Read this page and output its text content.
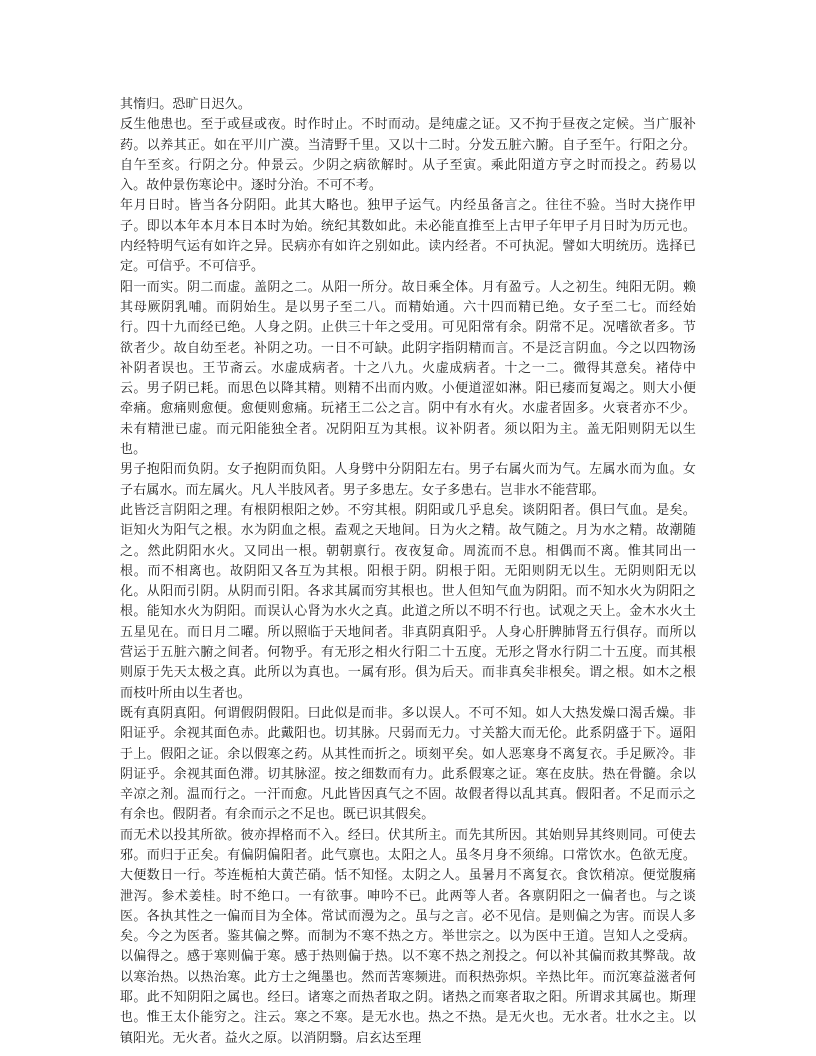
其惰归。恐旷日迟久。

反生他患也。至于或昼或夜。时作时止。不时而动。是纯虚之证。又不拘于昼夜之定候。当广服补药。以养其正。如在平川广漠。当清野千里。又以十二时。分发五脏六腑。自子至午。行阳之分。自午至亥。行阴之分。仲景云。少阴之病欲解时。从子至寅。乘此阳道方亨之时而投之。药易以入。故仲景伤寒论中。逐时分治。不可不考。

年月日时。皆当各分阴阳。此其大略也。独甲子运气。内经虽备言之。往往不验。当时大挠作甲子。即以本年本月本日本时为始。统纪其数如此。未必能直推至上古甲子年甲子月日时为历元也。内经特明气运有如许之异。民病亦有如许之别如此。读内经者。不可执泥。譬如大明统历。选择已定。可信乎。不可信乎。

阳一而实。阴二而虚。盖阴之二。从阳一所分。故日乘全体。月有盈亏。人之初生。纯阳无阴。赖其母厥阴乳哺。而阴始生。是以男子至二八。而精始通。六十四而精已绝。女子至二七。而经始行。四十九而经已绝。人身之阴。止供三十年之受用。可见阳常有余。阴常不足。况嗜欲者多。节欲者少。故自幼至老。补阴之功。一日不可缺。此阴字指阴精而言。不是泛言阴血。今之以四物汤补阴者误也。王节斋云。水虚成病者。十之八九。火虚成病者。十之一二。微得其意矣。褚侍中云。男子阴已耗。而思色以降其精。则精不出而内败。小便道涩如淋。阳已痿而复竭之。则大小便牵痛。愈痛则愈便。愈便则愈痛。玩褚王二公之言。阴中有水有火。水虚者固多。火衰者亦不少。未有精泄已虚。而元阳能独全者。况阴阳互为其根。议补阴者。须以阳为主。盖无阳则阴无以生也。

男子抱阳而负阴。女子抱阴而负阳。人身劈中分阴阳左右。男子右属火而为气。左属水而为血。女子右属水。而左属火。凡人半肢风者。男子多患左。女子多患右。岂非水不能营耶。

此皆泛言阴阳之理。有根阴根阳之妙。不穷其根。阴阳或几乎息矣。谈阴阳者。俱曰气血。是矣。讵知火为阳气之根。水为阴血之根。盍观之天地间。日为火之精。故气随之。月为水之精。故潮随之。然此阴阳水火。又同出一根。朝朝禀行。夜夜复命。周流而不息。相偶而不离。惟其同出一根。而不相离也。故阴阳又各互为其根。阳根于阴。阴根于阳。无阳则阴无以生。无阴则阳无以化。从阳而引阴。从阴而引阳。各求其属而穷其根也。世人但知气血为阴阳。而不知水火为阴阳之根。能知水火为阴阳。而误认心肾为水火之真。此道之所以不明不行也。试观之天上。金木水火土五星见在。而日月二曜。所以照临于天地间者。非真阴真阳乎。人身心肝脾肺肾五行俱存。而所以营运于五脏六腑之间者。何物乎。有无形之相火行阳二十五度。无形之肾水行阴二十五度。而其根则原于先天太极之真。此所以为真也。一属有形。俱为后天。而非真矣非根矣。谓之根。如木之根而枝叶所由以生者也。

既有真阴真阳。何谓假阴假阳。曰此似是而非。多以误人。不可不知。如人大热发燥口渴舌燥。非阳证乎。余视其面色赤。此戴阳也。切其脉。尺弱而无力。寸关豁大而无伦。此系阴盛于下。逼阳于上。假阳之证。余以假寒之药。从其性而折之。顷刻平矣。如人恶寒身不离复衣。手足厥冷。非阴证乎。余视其面色滞。切其脉涩。按之细数而有力。此系假寒之证。寒在皮肤。热在骨髓。余以辛凉之剂。温而行之。一汗而愈。凡此皆因真气之不固。故假者得以乱其真。假阳者。不足而示之有余也。假阴者。有余而示之不足也。既已识其假矣。

而无术以投其所欲。彼亦捍格而不入。经曰。伏其所主。而先其所因。其始则异其终则同。可使去邪。而归于正矣。有偏阴偏阳者。此气禀也。太阳之人。虽冬月身不须绵。口常饮水。色欲无度。大便数日一行。芩连栀柏大黄芒硝。恬不知怪。太阴之人。虽暑月不离复衣。食饮稍凉。便觉腹痛泄泻。参术姜桂。时不绝口。一有欲事。呻吟不已。此两等人者。各禀阴阳之一偏者也。与之谈医。各执其性之一偏而目为全体。常试而漫为之。虽与之言。必不见信。是则偏之为害。而误人多矣。今之为医者。鉴其偏之弊。而制为不寒不热之方。举世宗之。以为医中王道。岂知人之受病。以偏得之。感于寒则偏于寒。感于热则偏于热。以不寒不热之剂投之。何以补其偏而救其弊哉。故以寒治热。以热治寒。此方士之绳墨也。然而苦寒频进。而积热弥炽。辛热比年。而沉寒益滋者何耶。此不知阴阳之属也。经曰。诸寒之而热者取之阴。诸热之而寒者取之阳。所谓求其属也。斯理也。惟王太仆能穷之。注云。寒之不寒。是无水也。热之不热。是无火也。无水者。壮水之主。以镇阳光。无火者。益火之原。以消阴翳。启玄达至理
